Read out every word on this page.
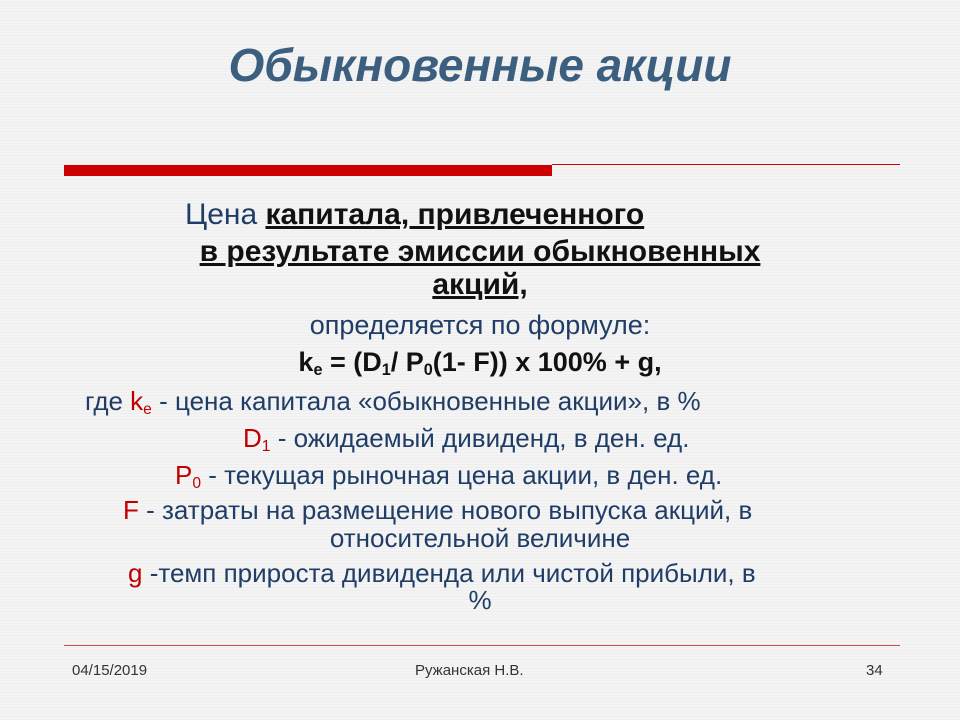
Обыкновенные акции
Цена капитала, привлеченного
в результате эмиссии обыкновенных
акций,
определяется по формуле:
$k_e = (D_1/$ $P_0(1-$ F)) x 100% + g,
где $k_e$ - цена капитала «обыкновенные акции», в %
$D_1$ - ожидаемый дивиденд, в ден. ед.
$P_0$ - текущая рыночная цена акции, в ден. ед.
F - затраты на размещение нового выпуска акций, в
относительной величине
g -темп прироста дивиденда или чистой прибыли, в
%
04/15/2019	Ружанская Н.В.	34
